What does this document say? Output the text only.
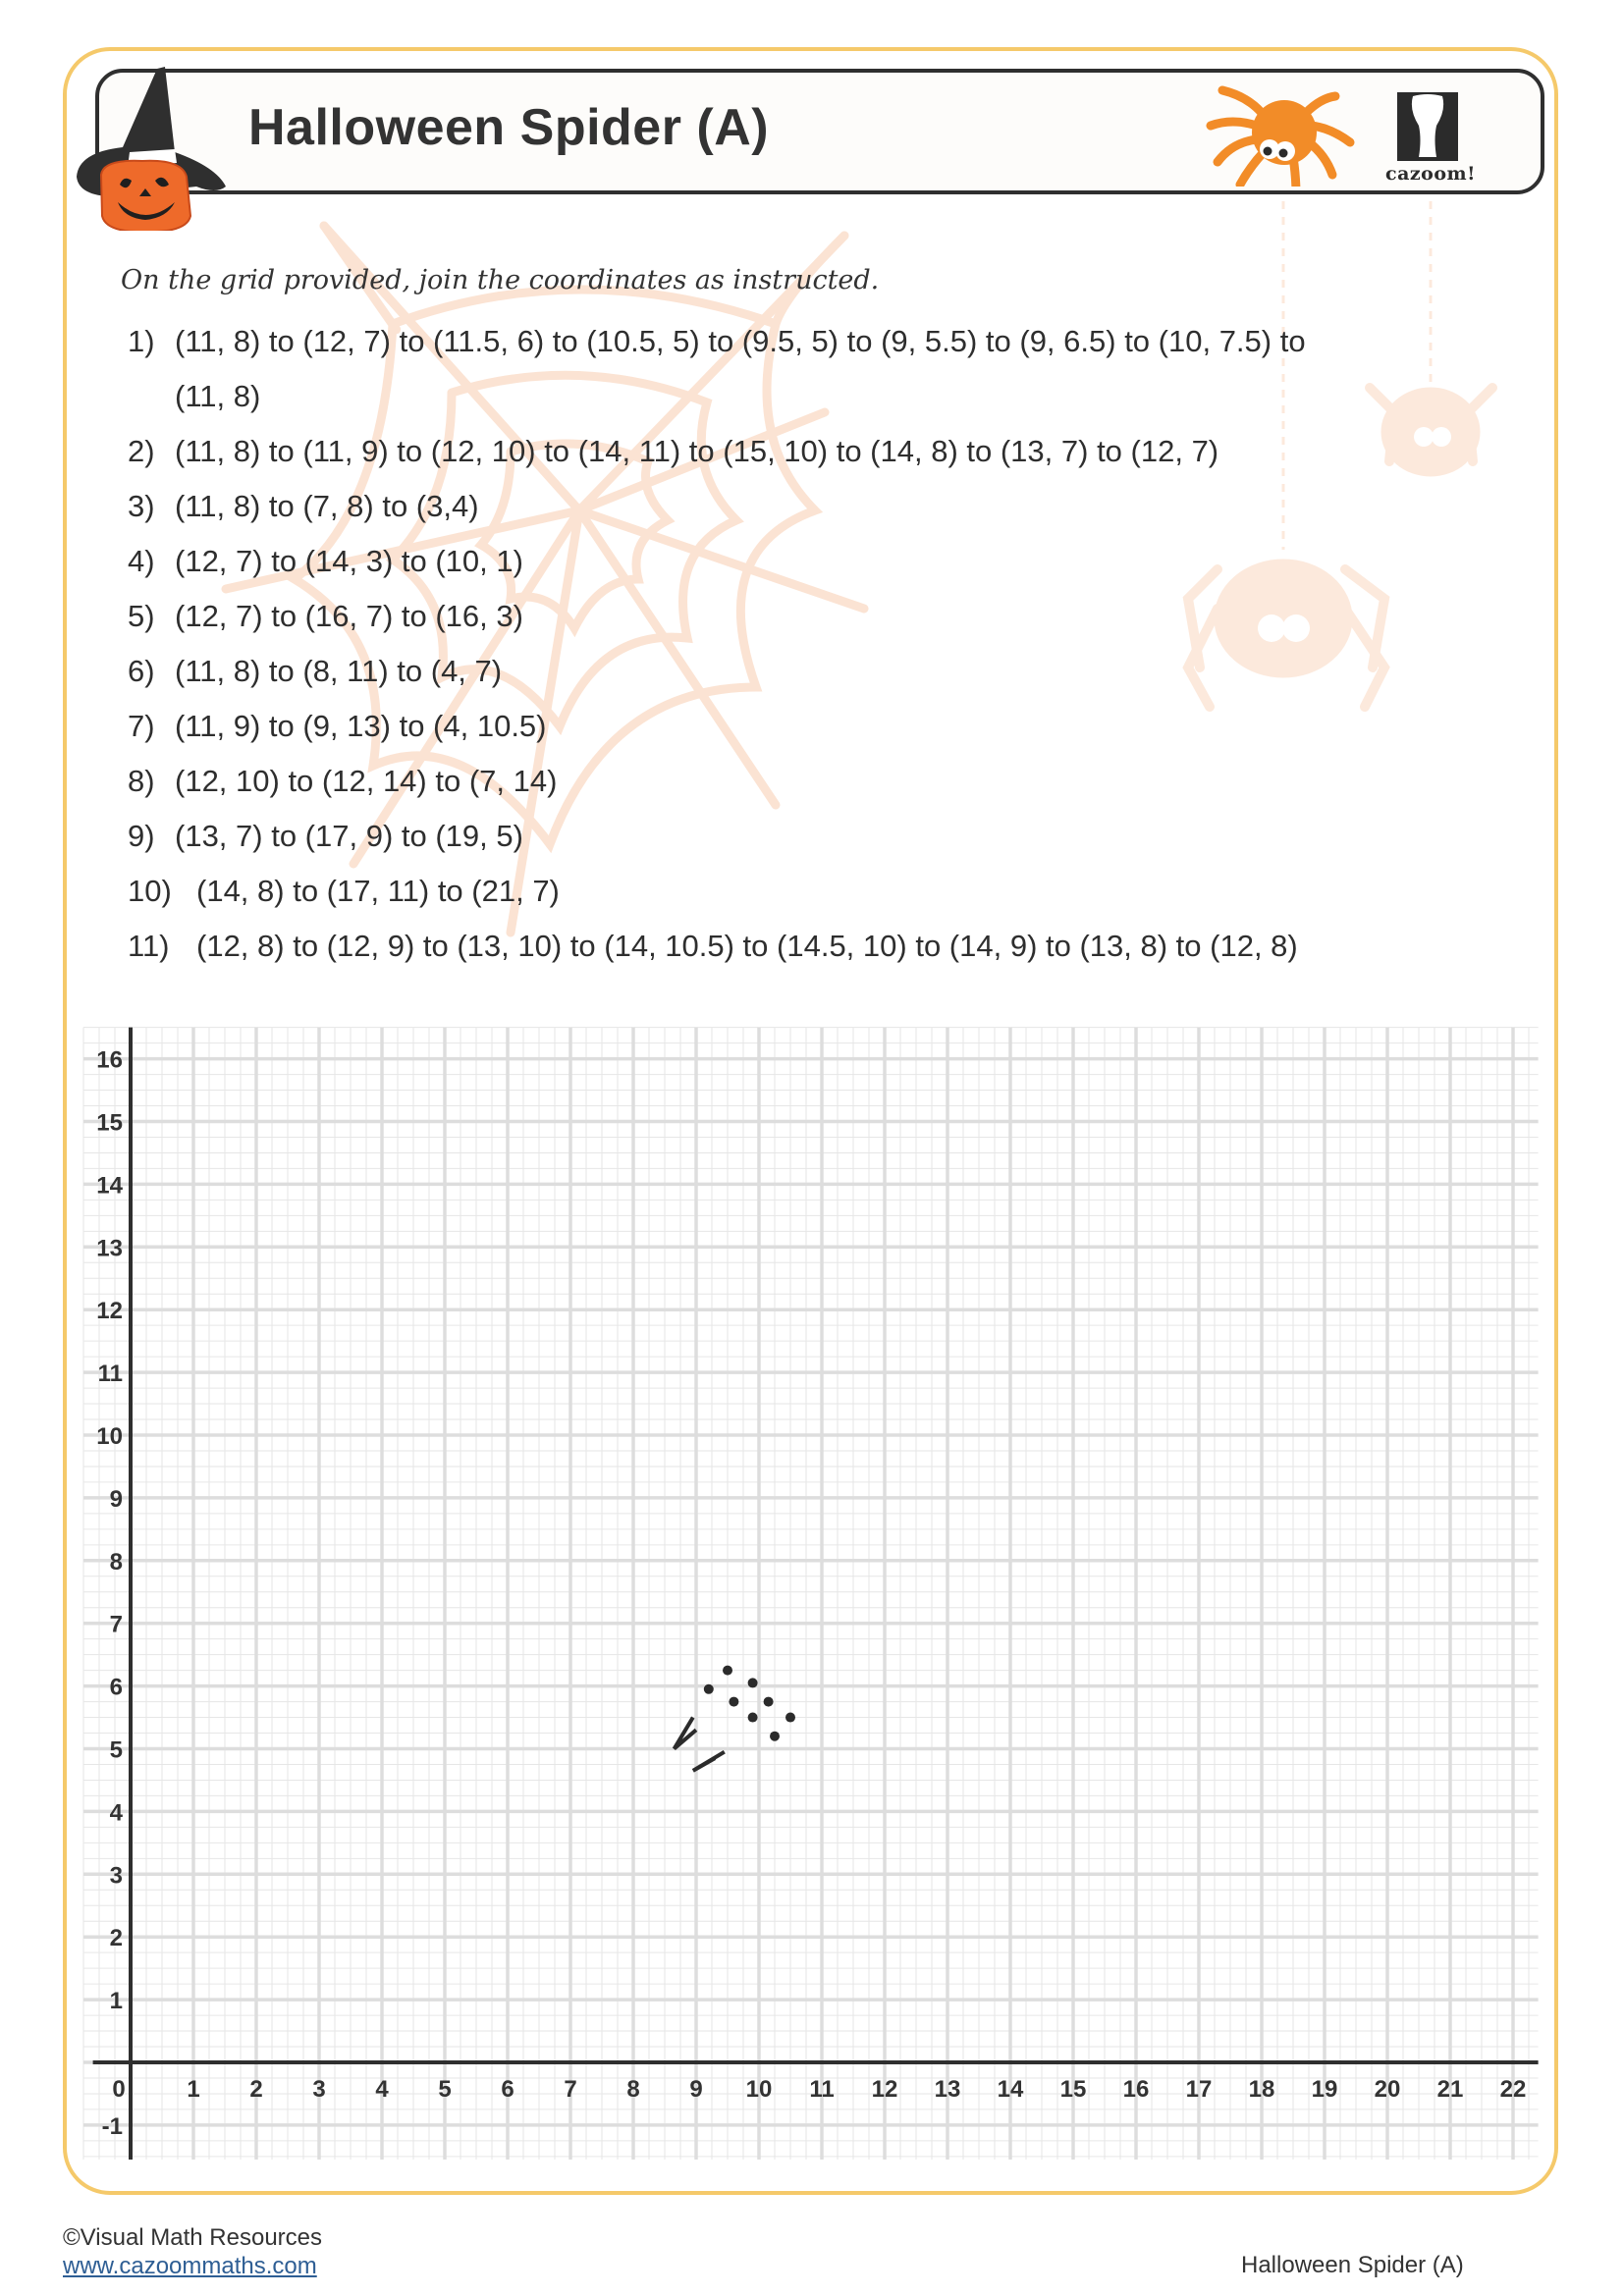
Halloween Spider (A)
cazoom!
On the grid provided, join the coordinates as instructed.
1) (11, 8) to (12, 7) to (11.5, 6) to (10.5, 5) to (9.5, 5) to (9, 5.5) to (9, 6.5) to (10, 7.5) to
(11, 8)
2) (11, 8) to (11, 9) to (12, 10) to (14, 11) to (15, 10) to (14, 8) to (13, 7) to (12, 7)
3) (11, 8) to (7, 8) to (3,4)
4) (12, 7) to (14, 3) to (10, 1)
5) (12, 7) to (16, 7) to (16, 3)
6) (11, 8) to (8, 11) to (4, 7)
7) (11, 9) to (9, 13) to (4, 10.5)
8) (12, 10) to (12, 14) to (7, 14)
9) (13, 7) to (17, 9) to (19, 5)
10) (14, 8) to (17, 11) to (21, 7)
11) (12, 8) to (12, 9) to (13, 10) to (14, 10.5) to (14.5, 10) to (14, 9) to (13, 8) to (12, 8)
0	1 2 3 4 5 6 7 8 9 10 11 12 13 14 15 16 17 18 19 20 21 22
-1
1
2
3
4
5
6
7
8
9
10
11
12
13
14
15
16
©Visual Math Resources
www.cazoommaths.com	Halloween Spider (A)
